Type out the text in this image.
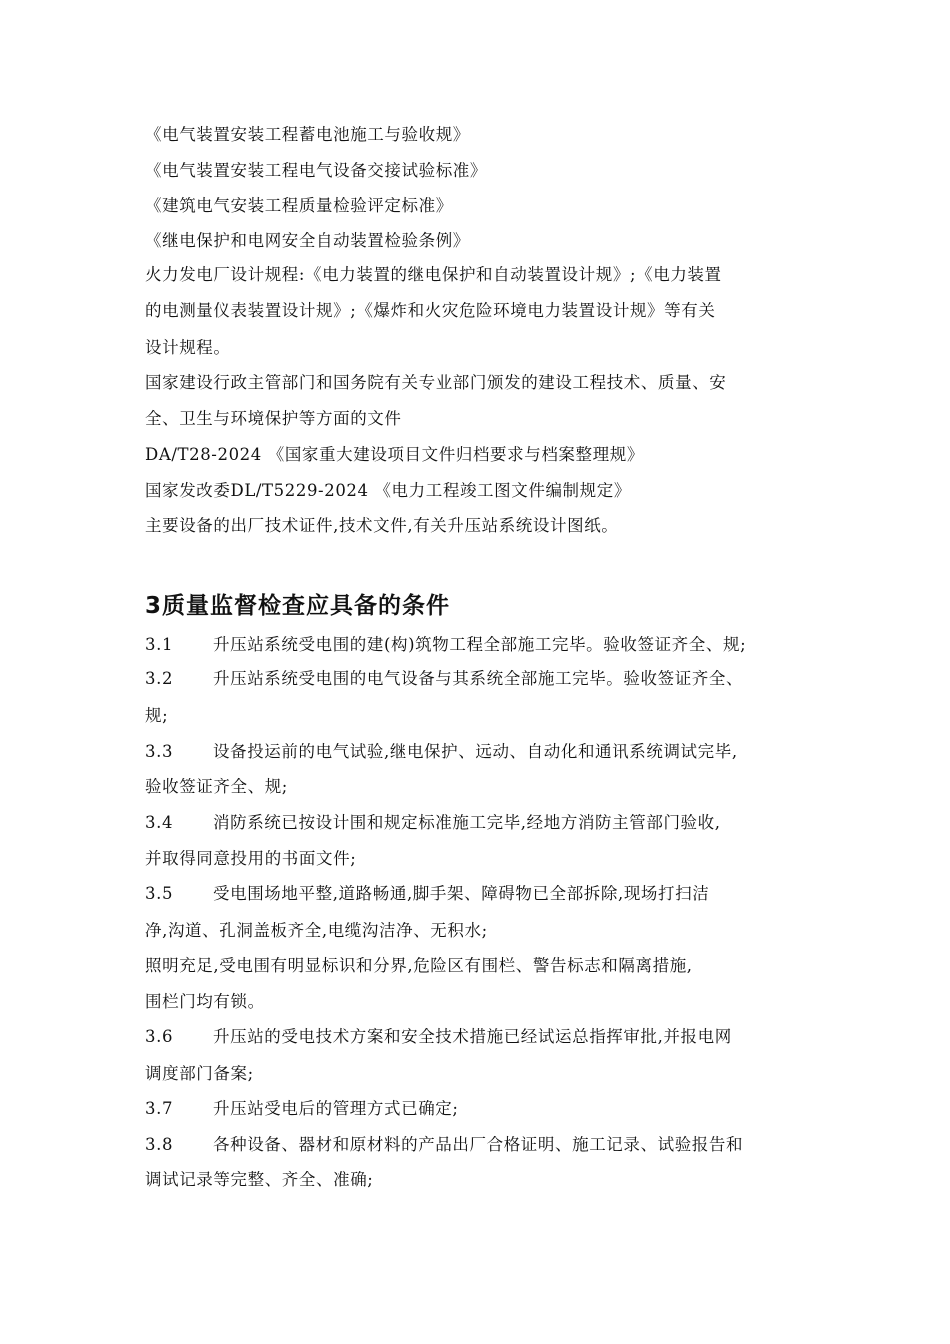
《电气装置安装工程蓄电池施工与验收规》
《电气装置安装工程电气设备交接试验标准》
《建筑电气安装工程质量检验评定标准》
《继电保护和电网安全自动装置检验条例》
火力发电厂设计规程:《电力装置的继电保护和自动装置设计规》;《电力装置
的电测量仪表装置设计规》;《爆炸和火灾危险环境电力装置设计规》等有关
设计规程。
国家建设行政主管部门和国务院有关专业部门颁发的建设工程技术、质量、安
全、卫生与环境保护等方面的文件
DA/T28-2024 《国家重大建设项目文件归档要求与档案整理规》
国家发改委DL/T5229-2024 《电力工程竣工图文件编制规定》
主要设备的出厂技术证件,技术文件,有关升压站系统设计图纸。
3质量监督检查应具备的条件
3.1 升压站系统受电围的建(构)筑物工程全部施工完毕。验收签证齐全、规;
3.2 升压站系统受电围的电气设备与其系统全部施工完毕。验收签证齐全、
规;
3.3 设备投运前的电气试验,继电保护、远动、自动化和通讯系统调试完毕,
验收签证齐全、规;
3.4 消防系统已按设计围和规定标准施工完毕,经地方消防主管部门验收,
并取得同意投用的书面文件;
3.5 受电围场地平整,道路畅通,脚手架、障碍物已全部拆除,现场打扫洁
净,沟道、孔洞盖板齐全,电缆沟洁净、无积水;
照明充足,受电围有明显标识和分界,危险区有围栏、警告标志和隔离措施,
围栏门均有锁。
3.6 升压站的受电技术方案和安全技术措施已经试运总指挥审批,并报电网
调度部门备案;
3.7 升压站受电后的管理方式已确定;
3.8 各种设备、器材和原材料的产品出厂合格证明、施工记录、试验报告和
调试记录等完整、齐全、准确;
